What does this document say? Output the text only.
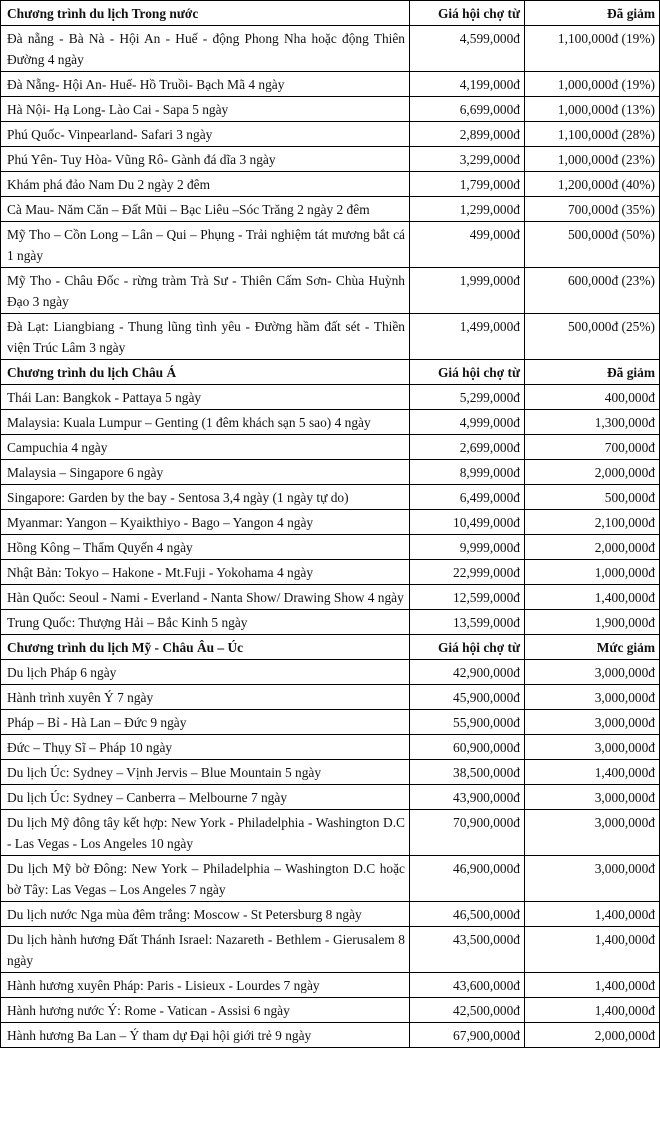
Chương trình du lịch Trong nước	Giá hội chợ từ	Đã giảm
Đà nẵng - Bà Nà - Hội An - Huế - động Phong Nha hoặc động Thiên Đường 4 ngày	4,599,000đ	1,100,000đ (19%)
Đà Nẵng- Hội An- Huế- Hồ Truồi- Bạch Mã 4 ngày	4,199,000đ	1,000,000đ (19%)
Hà Nội- Hạ Long- Lào Cai - Sapa 5 ngày	6,699,000đ	1,000,000đ (13%)
Phú Quốc- Vinpearland- Safari 3 ngày	2,899,000đ	1,100,000đ (28%)
Phú Yên- Tuy Hòa- Vũng Rô- Gành đá dĩa 3 ngày	3,299,000đ	1,000,000đ (23%)
Khám phá đảo Nam Du 2 ngày 2 đêm	1,799,000đ	1,200,000đ (40%)
Cà Mau- Năm Căn – Đất Mũi – Bạc Liêu –Sóc Trăng 2 ngày 2 đêm	1,299,000đ	700,000đ (35%)
Mỹ Tho – Cồn Long – Lân – Qui – Phụng - Trải nghiệm tát mương bắt cá 1 ngày	499,000đ	500,000đ (50%)
Mỹ Tho - Châu Đốc - rừng tràm Trà Sư - Thiên Cấm Sơn- Chùa Huỳnh Đạo 3 ngày	1,999,000đ	600,000đ (23%)
Đà Lạt: Liangbiang - Thung lũng tình yêu - Đường hầm đất sét - Thiền viện Trúc Lâm 3 ngày	1,499,000đ	500,000đ (25%)
Chương trình du lịch Châu Á	Giá hội chợ từ	Đã giảm
Thái Lan: Bangkok - Pattaya 5 ngày	5,299,000đ	400,000đ
Malaysia: Kuala Lumpur – Genting (1 đêm khách sạn 5 sao) 4 ngày	4,999,000đ	1,300,000đ
Campuchia 4 ngày	2,699,000đ	700,000đ
Malaysia – Singapore 6 ngày	8,999,000đ	2,000,000đ
Singapore: Garden by the bay - Sentosa 3,4 ngày (1 ngày tự do)	6,499,000đ	500,000đ
Myanmar: Yangon – Kyaikthiyo - Bago – Yangon 4 ngày	10,499,000đ	2,100,000đ
Hồng Kông – Thẩm Quyến 4 ngày	9,999,000đ	2,000,000đ
Nhật Bản: Tokyo – Hakone - Mt.Fuji - Yokohama 4 ngày	22,999,000đ	1,000,000đ
Hàn Quốc: Seoul - Nami - Everland - Nanta Show/ Drawing Show 4 ngày	12,599,000đ	1,400,000đ
Trung Quốc: Thượng Hải – Bắc Kinh 5 ngày	13,599,000đ	1,900,000đ
Chương trình du lịch Mỹ - Châu Âu – Úc	Giá hội chợ từ	Mức giảm
Du lịch Pháp 6 ngày	42,900,000đ	3,000,000đ
Hành trình xuyên Ý 7 ngày	45,900,000đ	3,000,000đ
Pháp – Bỉ - Hà Lan – Đức 9 ngày	55,900,000đ	3,000,000đ
Đức – Thụy Sĩ – Pháp 10 ngày	60,900,000đ	3,000,000đ
Du lịch Úc: Sydney – Vịnh Jervis – Blue Mountain 5 ngày	38,500,000đ	1,400,000đ
Du lịch Úc: Sydney – Canberra – Melbourne 7 ngày	43,900,000đ	3,000,000đ
Du lịch Mỹ đông tây kết hợp: New York - Philadelphia - Washington D.C - Las Vegas - Los Angeles 10 ngày	70,900,000đ	3,000,000đ
Du lịch Mỹ bờ Đông: New York – Philadelphia – Washington D.C hoặc bờ Tây: Las Vegas – Los Angeles 7 ngày	46,900,000đ	3,000,000đ
Du lịch nước Nga mùa đêm trắng: Moscow - St Petersburg 8 ngày	46,500,000đ	1,400,000đ
Du lịch hành hương Đất Thánh Israel: Nazareth - Bethlem - Gierusalem 8 ngày	43,500,000đ	1,400,000đ
Hành hương xuyên Pháp: Paris - Lisieux - Lourdes 7 ngày	43,600,000đ	1,400,000đ
Hành hương nước Ý: Rome - Vatican - Assisi 6 ngày	42,500,000đ	1,400,000đ
Hành hương Ba Lan – Ý tham dự Đại hội giới trẻ 9 ngày	67,900,000đ	2,000,000đ
